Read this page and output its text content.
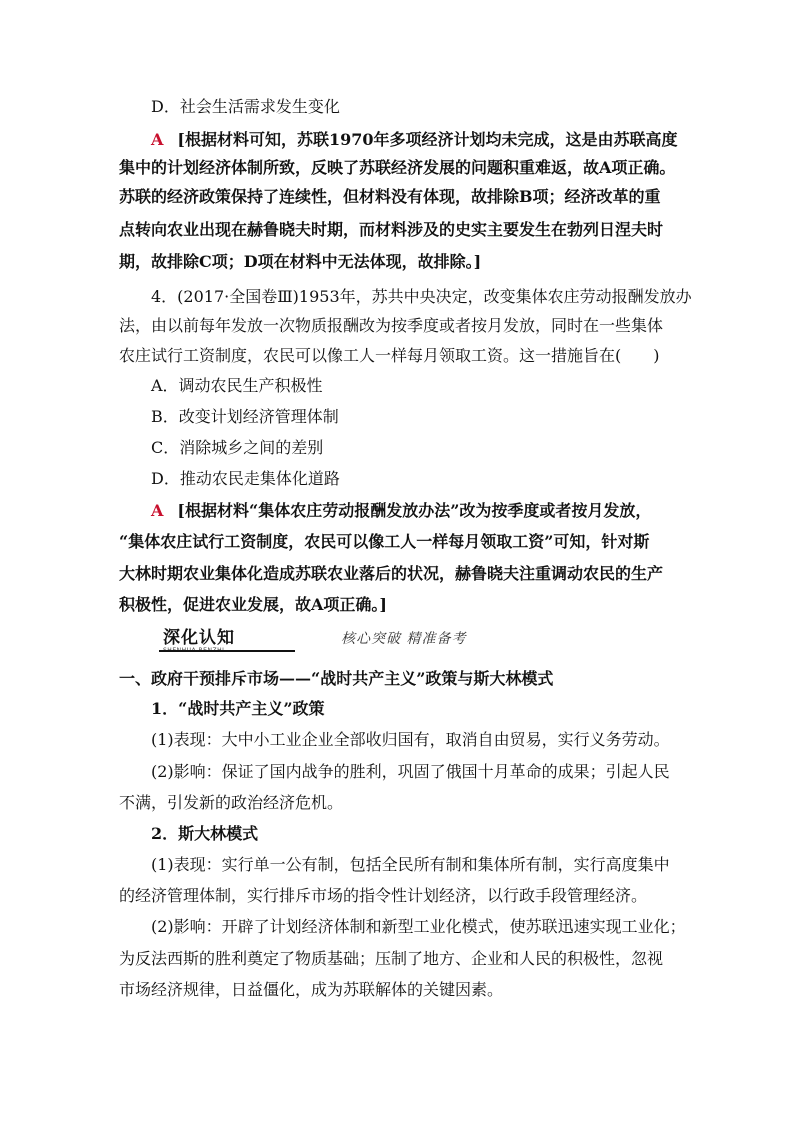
D．社会生活需求发生变化
A [根据材料可知，苏联1970年多项经济计划均未完成，这是由苏联高度
集中的计划经济体制所致，反映了苏联经济发展的问题积重难返，故A项正确。
苏联的经济政策保持了连续性，但材料没有体现，故排除B项；经济改革的重
点转向农业出现在赫鲁晓夫时期，而材料涉及的史实主要发生在勃列日涅夫时
期，故排除C项；D项在材料中无法体现，故排除。]
4．(2017·全国卷Ⅲ)1953年，苏共中央决定，改变集体农庄劳动报酬发放办
法，由以前每年发放一次物质报酬改为按季度或者按月发放，同时在一些集体
农庄试行工资制度，农民可以像工人一样每月领取工资。这一措施旨在(　　)
A．调动农民生产积极性
B．改变计划经济管理体制
C．消除城乡之间的差别
D．推动农民走集体化道路
A [根据材料“集体农庄劳动报酬发放办法”改为按季度或者按月发放，
“集体农庄试行工资制度，农民可以像工人一样每月领取工资”可知，针对斯
大林时期农业集体化造成苏联农业落后的状况，赫鲁晓夫注重调动农民的生产
积极性，促进农业发展，故A项正确。]
深化认知	核心突破 精准备考
一、政府干预排斥市场——“战时共产主义”政策与斯大林模式
1．“战时共产主义”政策
(1)表现：大中小工业企业全部收归国有，取消自由贸易，实行义务劳动。
(2)影响：保证了国内战争的胜利，巩固了俄国十月革命的成果；引起人民
不满，引发新的政治经济危机。
2．斯大林模式
(1)表现：实行单一公有制，包括全民所有制和集体所有制，实行高度集中
的经济管理体制，实行排斥市场的指令性计划经济，以行政手段管理经济。
(2)影响：开辟了计划经济体制和新型工业化模式，使苏联迅速实现工业化；
为反法西斯的胜利奠定了物质基础；压制了地方、企业和人民的积极性，忽视
市场经济规律，日益僵化，成为苏联解体的关键因素。
